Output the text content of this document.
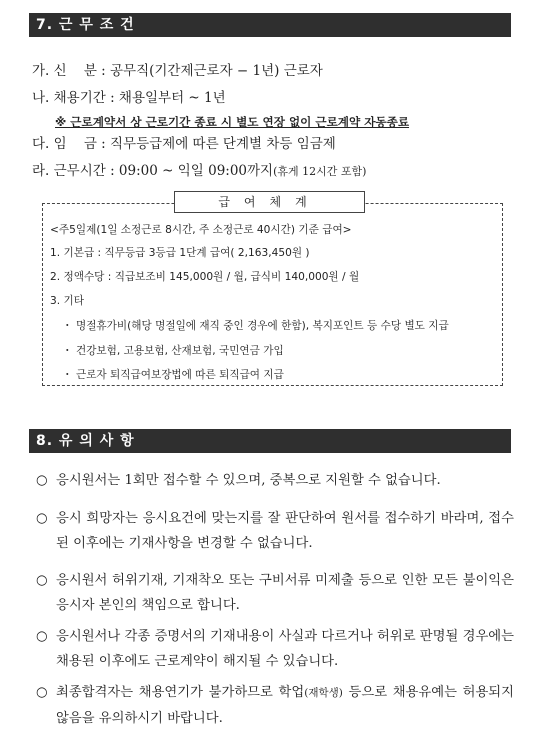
7. 근 무 조 건
가. 신    분 : 공무직(기간제근로자 − 1년) 근로자
나. 채용기간 : 채용일부터 ~ 1년
※ 근로계약서 상 근로기간 종료 시 별도 연장 없이 근로계약 자동종료
다. 임    금 : 직무등급제에 따른 단계별 차등 임금제
라. 근무시간 : 09:00 ~ 익일 09:00까지(휴게 12시간 포함)
급여체계
<주5일제(1일 소정근로 8시간, 주 소정근로 40시간) 기준 급여>
1. 기본급 : 직무등급 3등급 1단계 급여( 2,163,450원 )
2. 정액수당 : 직급보조비 145,000원 / 월, 급식비 140,000원 / 월
3. 기타
・ 명절휴가비(해당 명절일에 재직 중인 경우에 한함), 복지포인트 등 수당 별도 지급
・ 건강보험, 고용보험, 산재보험, 국민연금 가입
・ 근로자 퇴직급여보장법에 따른 퇴직급여 지급
8. 유 의 사 항
○ 응시원서는 1회만 접수할 수 있으며, 중복으로 지원할 수 없습니다.
○ 응시 희망자는 응시요건에 맞는지를 잘 판단하여 원서를 접수하기 바라며, 접수된 이후에는 기재사항을 변경할 수 없습니다.
○ 응시원서 허위기재, 기재착오 또는 구비서류 미제출 등으로 인한 모든 불이익은 응시자 본인의 책임으로 합니다.
○ 응시원서나 각종 증명서의 기재내용이 사실과 다르거나 허위로 판명될 경우에는 채용된 이후에도 근로계약이 해지될 수 있습니다.
○ 최종합격자는 채용연기가 불가하므로 학업(재학생) 등으로 채용유예는 허용되지 않음을 유의하시기 바랍니다.
